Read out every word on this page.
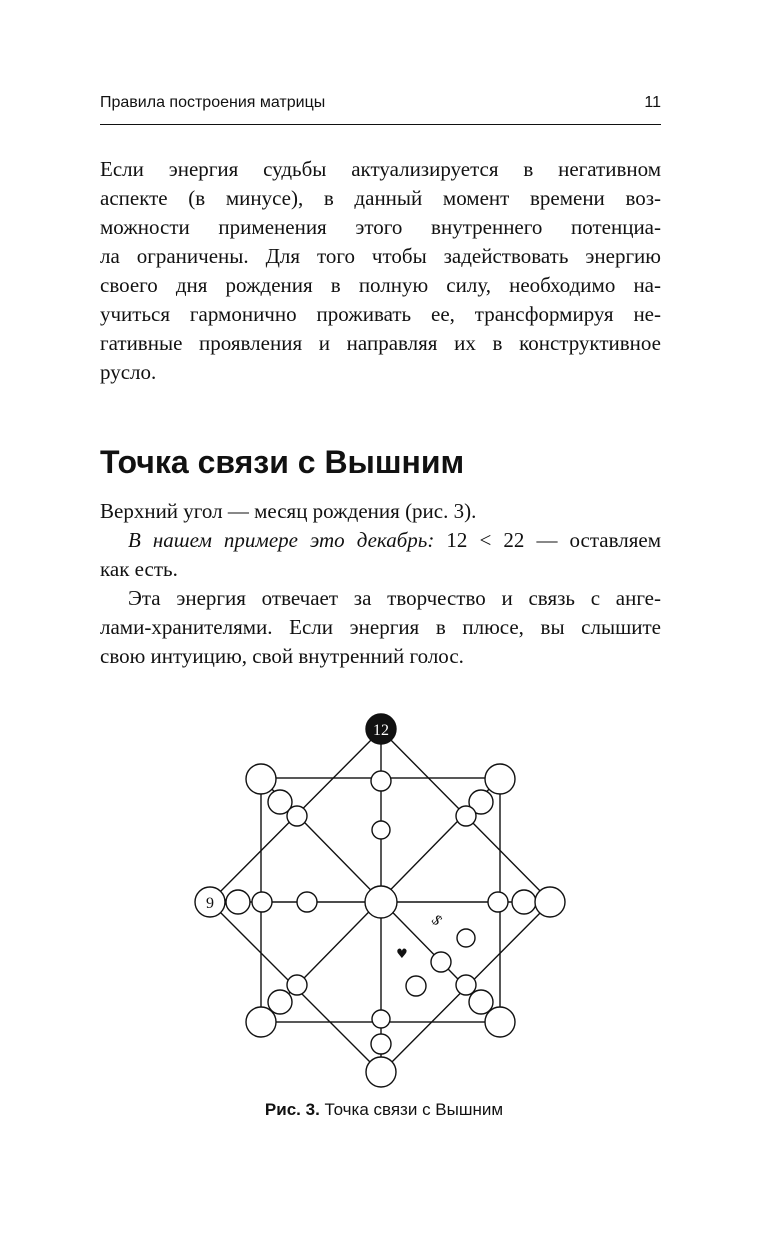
Правила построения матрицы	11

Если энергия судьбы актуализируется в негативном
аспекте (в минусе), в данный момент времени воз-
можности применения этого внутреннего потенциа-
ла ограничены. Для того чтобы задействовать энергию
своего дня рождения в полную силу, необходимо на-
учиться гармонично проживать ее, трансформируя не-
гативные проявления и направляя их в конструктивное
русло.

Точка связи с Вышним

Верхний угол — месяц рождения (рис. 3).
В нашем примере это декабрь: 12 < 22 — оставляем
как есть.
Эта энергия отвечает за творчество и связь с анге-
лами-хранителями. Если энергия в плюсе, вы слышите
свою интуицию, свой внутренний голос.

12
9
$
♥
Рис. 3. Точка связи с Вышним
